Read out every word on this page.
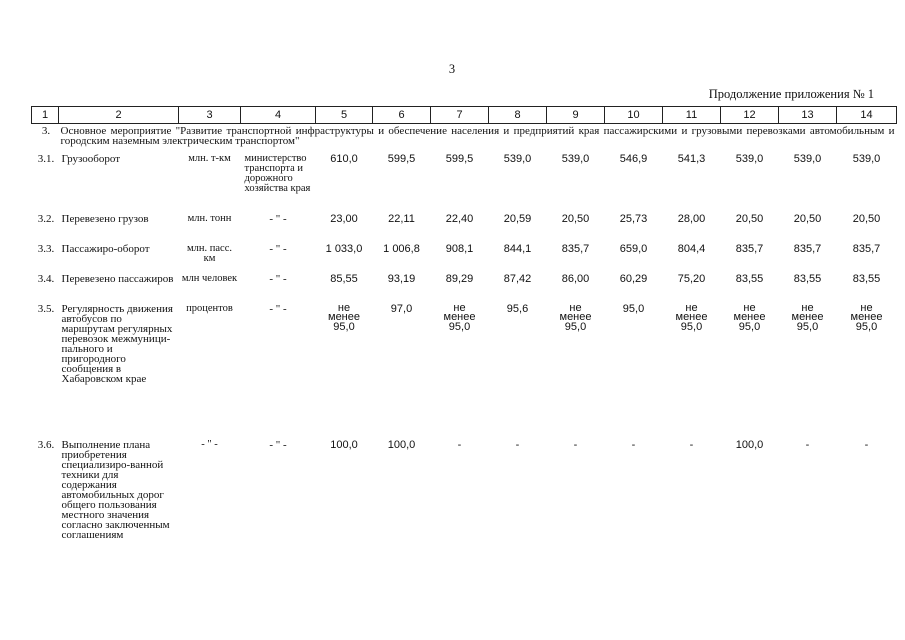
3
Продолжение приложения № 1
1	2	3	4	5	6	7	8	9	10	11	12	13	14
3.	Основное мероприятие "Развитие транспортной инфраструктуры и обеспечение населения и предприятий края пассажирскими и грузовыми перевозками автомобильным и городским наземным электрическим транспортом"												
3.1.	Грузооборот	млн. т-км	министерство транспорта и дорожного хозяйства края	610,0	599,5	599,5	539,0	539,0	546,9	541,3	539,0	539,0	539,0
3.2.	Перевезено грузов	млн. тонн	- " -	23,00	22,11	22,40	20,59	20,50	25,73	28,00	20,50	20,50	20,50
3.3.	Пассажиро-оборот	млн. пасс. км	- " -	1 033,0	1 006,8	908,1	844,1	835,7	659,0	804,4	835,7	835,7	835,7
3.4.	Перевезено пассажиров	млн человек	- " -	85,55	93,19	89,29	87,42	86,00	60,29	75,20	83,55	83,55	83,55
3.5.	Регулярность движения автобусов по маршрутам регулярных перевозок межмуници-пального и пригородного сообщения в Хабаровском крае	процентов	- " -	не
менее
95,0	97,0	не
менее
95,0	95,6	не
менее
95,0	95,0	не
менее
95,0	не
менее
95,0	не
менее
95,0	не
менее
95,0
3.6.	Выполнение плана приобретения специализиро-ванной техники для содержания автомобильных дорог общего пользования местного значения согласно заключенным соглашениям	- " -	- " -	100,0	100,0	-	-	-	-	-	100,0	-	-
